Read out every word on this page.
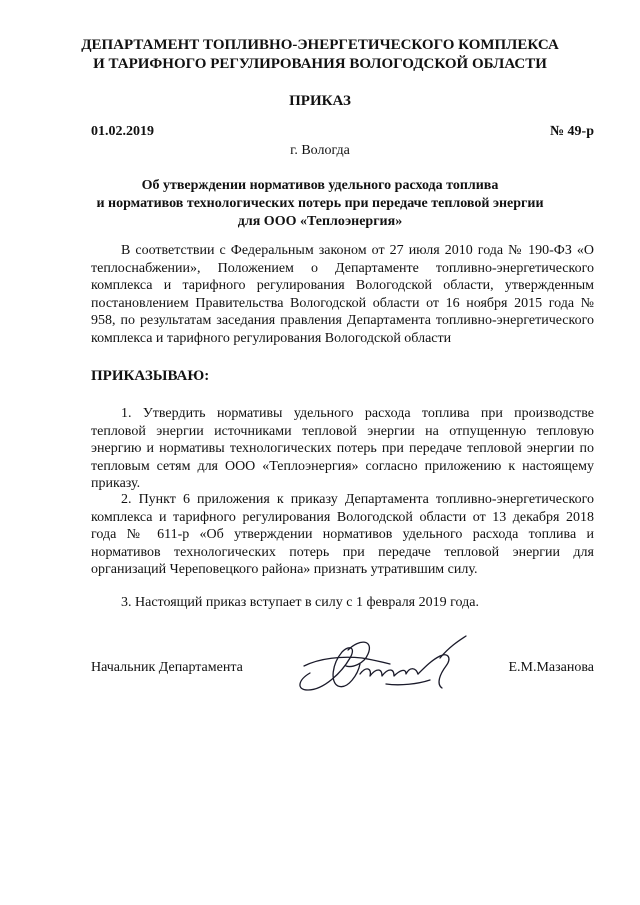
ДЕПАРТАМЕНТ ТОПЛИВНО-ЭНЕРГЕТИЧЕСКОГО КОМПЛЕКСА
И ТАРИФНОГО РЕГУЛИРОВАНИЯ ВОЛОГОДСКОЙ ОБЛАСТИ
ПРИКАЗ
01.02.2019	№ 49-р
г. Вологда
Об утверждении нормативов удельного расхода топлива
и нормативов технологических потерь при передаче тепловой энергии
для ООО «Теплоэнергия»
В соответствии с Федеральным законом от 27 июля 2010 года № 190-ФЗ «О теплоснабжении», Положением о Департаменте топливно-энергетического комплекса и тарифного регулирования Вологодской области, утвержденным постановлением Правительства Вологодской области от 16 ноября 2015 года № 958, по результатам заседания правления Департамента топливно-энергетического комплекса и тарифного регулирования Вологодской области
ПРИКАЗЫВАЮ:
1. Утвердить нормативы удельного расхода топлива при производстве тепловой энергии источниками тепловой энергии на отпущенную тепловую энергию и нормативы технологических потерь при передаче тепловой энергии по тепловым сетям для ООО «Теплоэнергия» согласно приложению к настоящему приказу.
2. Пункт 6 приложения к приказу Департамента топливно-энергетического комплекса и тарифного регулирования Вологодской области от 13 декабря 2018 года № 611-р «Об утверждении нормативов удельного расхода топлива и нормативов технологических потерь при передаче тепловой энергии для организаций Череповецкого района» признать утратившим силу.
3. Настоящий приказ вступает в силу с 1 февраля 2019 года.
Начальник Департамента	Е.М.Мазанова
